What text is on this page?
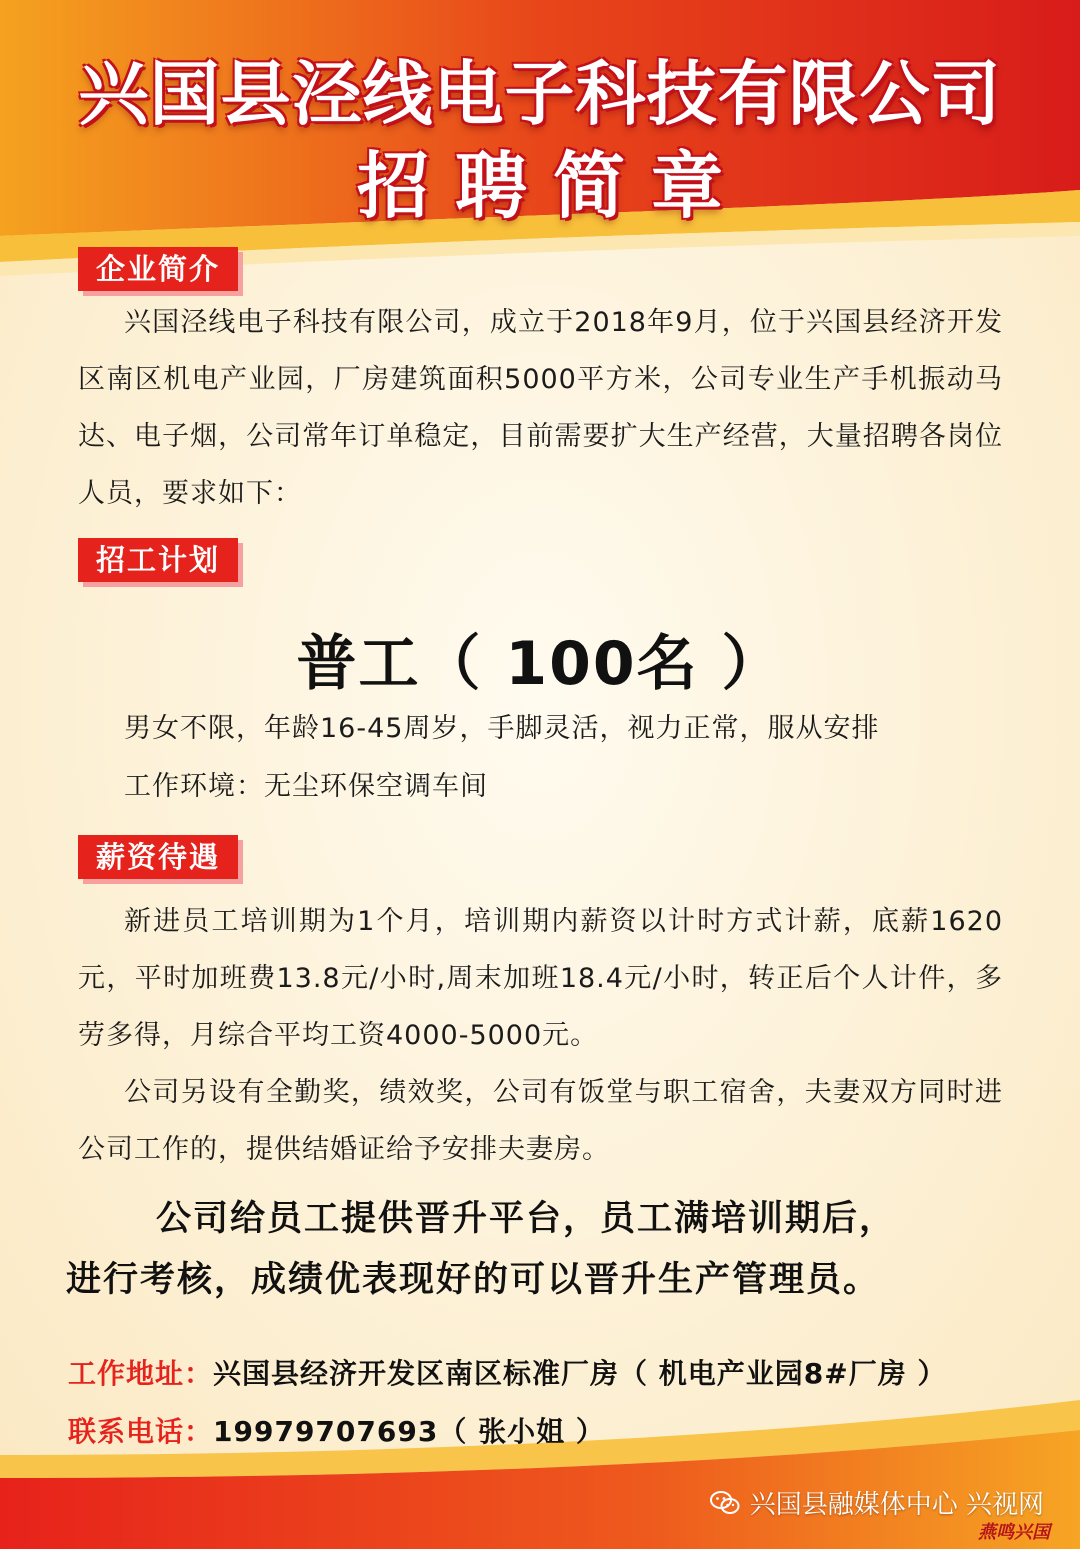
兴国县泾线电子科技有限公司
招聘简章
企业简介

兴国泾线电子科技有限公司，成立于2018年9月，位于兴国县经济开发区南区机电产业园，厂房建筑面积5000平方米，公司专业生产手机振动马达、电子烟，公司常年订单稳定，目前需要扩大生产经营，大量招聘各岗位人员，要求如下：

招工计划

普工（ 100名 ）

男女不限，年龄16-45周岁，手脚灵活，视力正常，服从安排

工作环境：无尘环保空调车间

薪资待遇

新进员工培训期为1个月，培训期内薪资以计时方式计薪，底薪1620元，平时加班费13.8元/小时,周末加班18.4元/小时，转正后个人计件，多劳多得，月综合平均工资4000-5000元。

公司另设有全勤奖，绩效奖，公司有饭堂与职工宿舍，夫妻双方同时进公司工作的，提供结婚证给予安排夫妻房。

公司给员工提供晋升平台，员工满培训期后，

进行考核，成绩优表现好的可以晋升生产管理员。

工作地址：兴国县经济开发区南区标准厂房（ 机电产业园8#厂房 ）

联系电话：19979707693（ 张小姐 ）

兴国县融媒体中心 兴视网
燕鸣兴国
